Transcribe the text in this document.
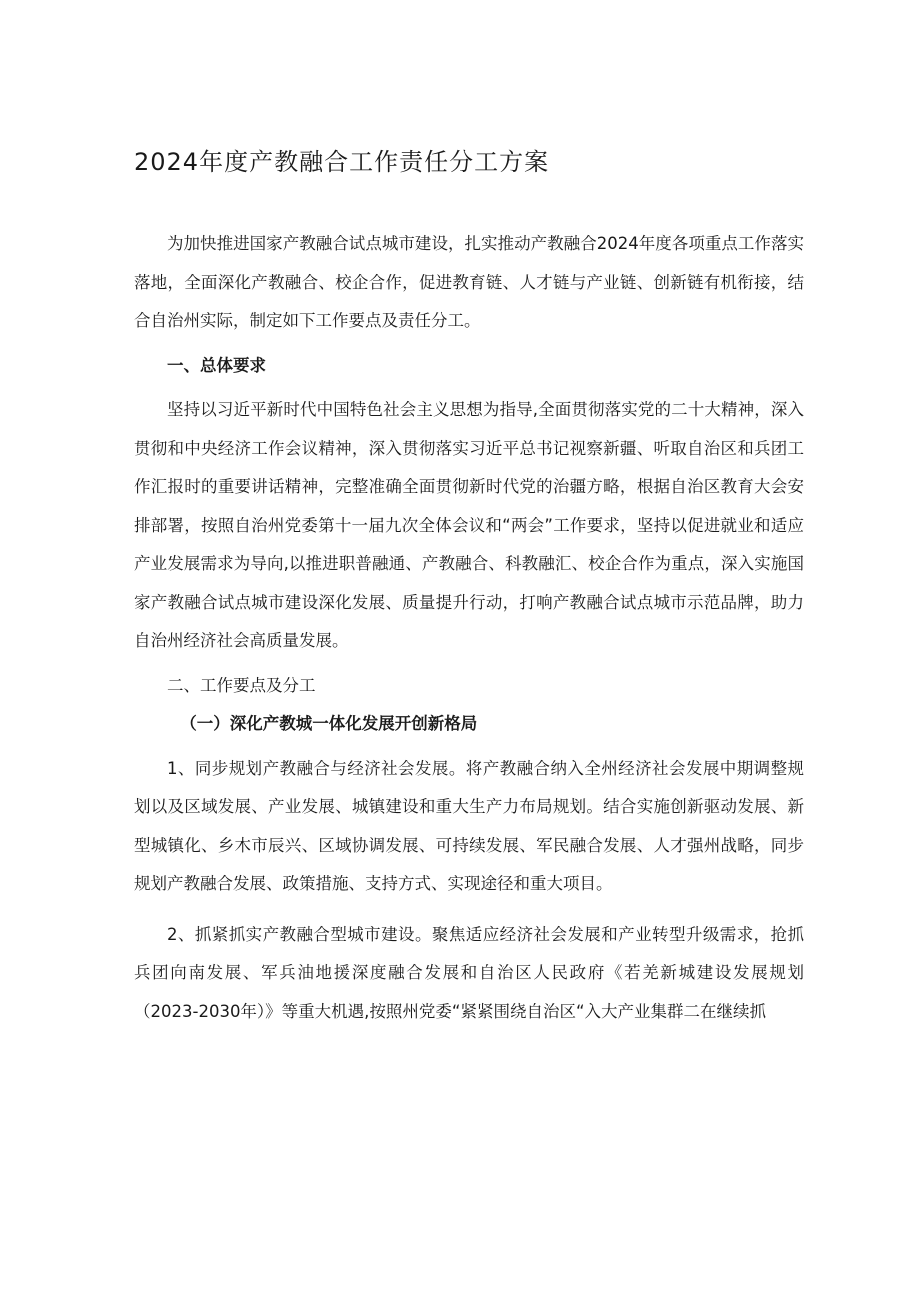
2024年度产教融合工作责任分工方案

为加快推进国家产教融合试点城市建设，扎实推动产教融合2024年度各项重点工作落实落地，全面深化产教融合、校企合作，促进教育链、人才链与产业链、创新链有机衔接，结合自治州实际，制定如下工作要点及责任分工。

一、总体要求

坚持以习近平新时代中国特色社会主义思想为指导,全面贯彻落实党的二十大精神，深入贯彻和中央经济工作会议精神，深入贯彻落实习近平总书记视察新疆、听取自治区和兵团工作汇报时的重要讲话精神，完整准确全面贯彻新时代党的治疆方略，根据自治区教育大会安排部署，按照自治州党委第十一届九次全体会议和“两会”工作要求，坚持以促进就业和适应产业发展需求为导向,以推进职普融通、产教融合、科教融汇、校企合作为重点，深入实施国家产教融合试点城市建设深化发展、质量提升行动，打响产教融合试点城市示范品牌，助力自治州经济社会高质量发展。

二、工作要点及分工

（一）深化产教城一体化发展开创新格局

1、同步规划产教融合与经济社会发展。将产教融合纳入全州经济社会发展中期调整规划以及区域发展、产业发展、城镇建设和重大生产力布局规划。结合实施创新驱动发展、新型城镇化、乡木市辰兴、区域协调发展、可持续发展、军民融合发展、人才强州战略，同步规划产教融合发展、政策措施、支持方式、实现途径和重大项目。

2、抓紧抓实产教融合型城市建设。聚焦适应经济社会发展和产业转型升级需求，抢抓兵团向南发展、军兵油地援深度融合发展和自治区人民政府《若羌新城建设发展规划（2023-2030年）》等重大机遇,按照州党委“紧紧围绕自治区“入大产业集群二在继续抓
